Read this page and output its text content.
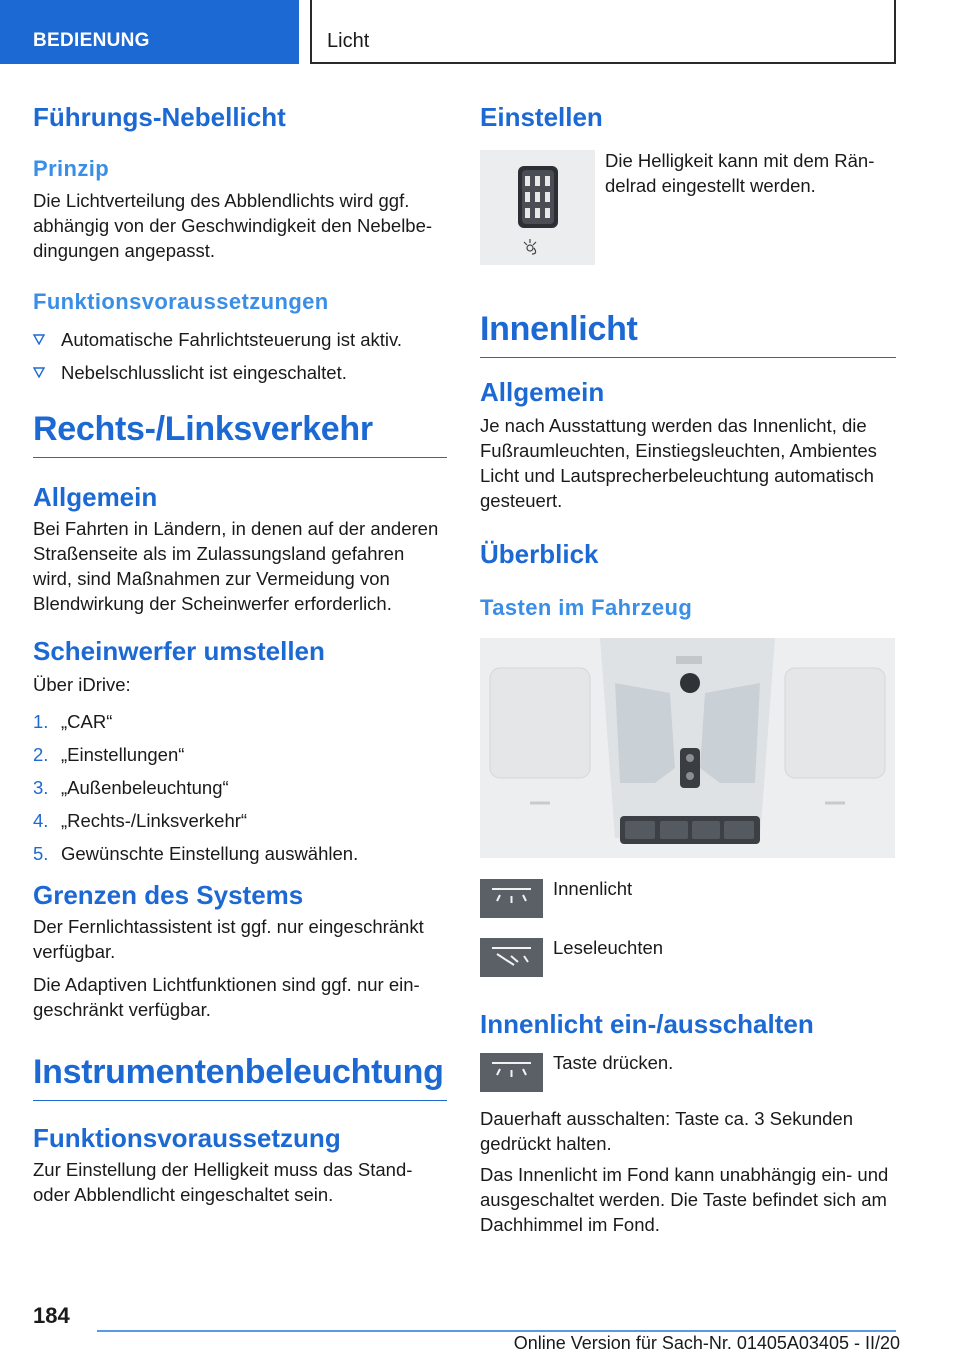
BEDIENUNG	Licht
Führungs-Nebellicht
Prinzip
Die Lichtverteilung des Abblendlichts wird ggf. abhängig von der Geschwindigkeit den Nebelbedingungen angepasst.
Funktionsvoraussetzungen
Automatische Fahrlichtsteuerung ist aktiv.
Nebelschlusslicht ist eingeschaltet.
Rechts-/Linksverkehr
Allgemein
Bei Fahrten in Ländern, in denen auf der anderen Straßenseite als im Zulassungsland gefahren wird, sind Maßnahmen zur Vermeidung von Blendwirkung der Scheinwerfer erforderlich.
Scheinwerfer umstellen
Über iDrive:
1. „CAR“
2. „Einstellungen“
3. „Außenbeleuchtung“
4. „Rechts-/Linksverkehr“
5. Gewünschte Einstellung auswählen.
Grenzen des Systems
Der Fernlichtassistent ist ggf. nur eingeschränkt verfügbar.
Die Adaptiven Lichtfunktionen sind ggf. nur eingeschränkt verfügbar.
Instrumentenbeleuchtung
Funktionsvoraussetzung
Zur Einstellung der Helligkeit muss das Stand- oder Abblendlicht eingeschaltet sein.
Einstellen
Die Helligkeit kann mit dem Rändelrad eingestellt werden.
Innenlicht
Allgemein
Je nach Ausstattung werden das Innenlicht, die Fußraumleuchten, Einstiegsleuchten, Ambientes Licht und Lautsprecherbeleuchtung automatisch gesteuert.
Überblick
Tasten im Fahrzeug
Innenlicht
Leseleuchten
Innenlicht ein-/ausschalten
Taste drücken.
Dauerhaft ausschalten: Taste ca. 3 Sekunden gedrückt halten.
Das Innenlicht im Fond kann unabhängig ein- und ausgeschaltet werden. Die Taste befindet sich am Dachhimmel im Fond.
184
Online Version für Sach-Nr. 01405A03405 - II/20
